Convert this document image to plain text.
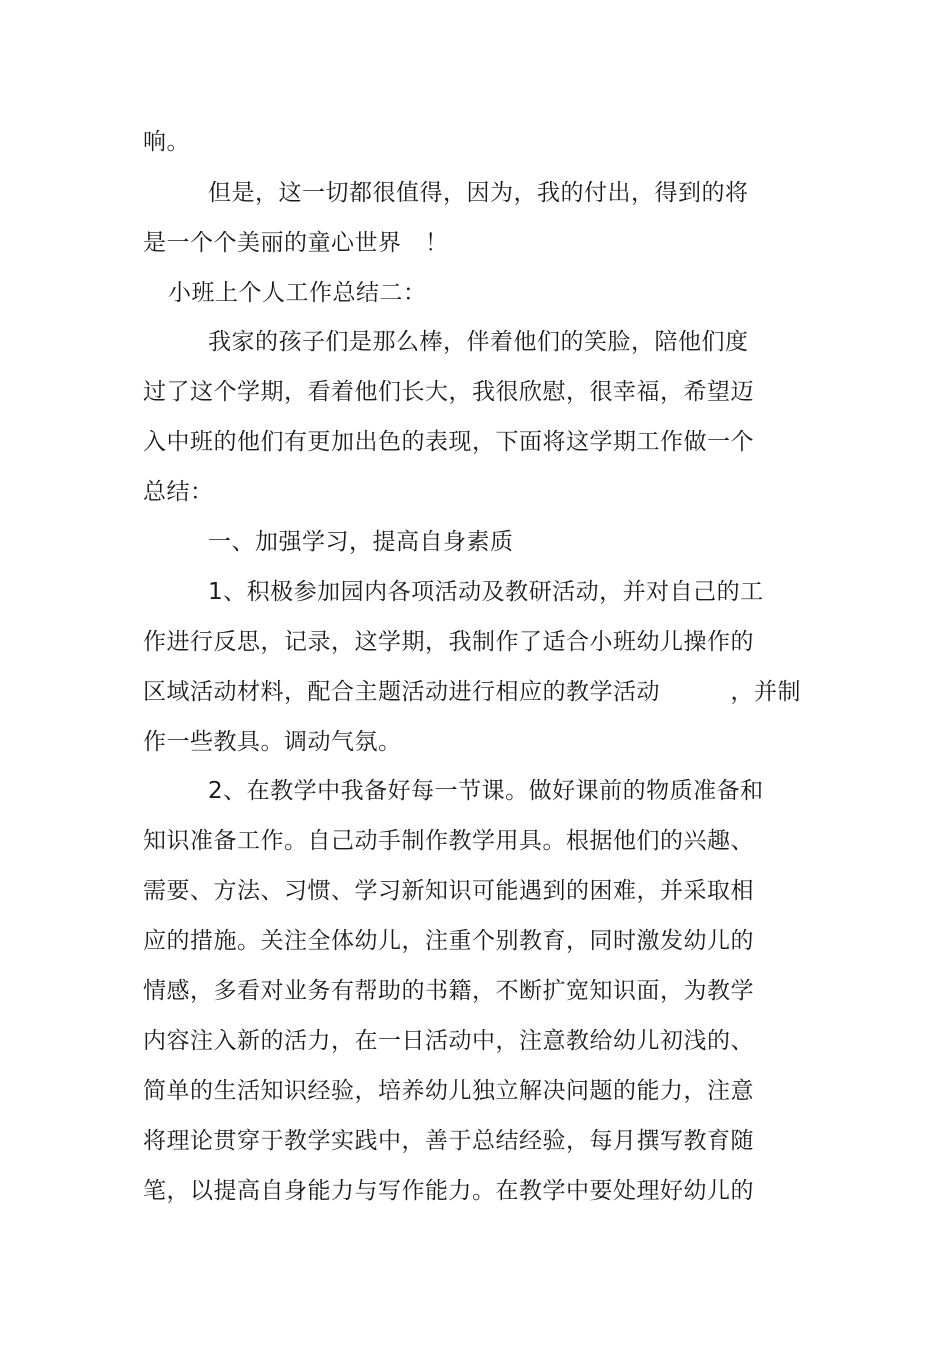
响。
但是，这一切都很值得，因为，我的付出，得到的将
是一个个美丽的童心世界　！
小班上个人工作总结二：
我家的孩子们是那么棒，伴着他们的笑脸，陪他们度
过了这个学期，看着他们长大，我很欣慰，很幸福，希望迈
入中班的他们有更加出色的表现，下面将这学期工作做一个
总结：
一、加强学习，提高自身素质
1、积极参加园内各项活动及教研活动，并对自己的工
作进行反思，记录，这学期，我制作了适合小班幼儿操作的
区域活动材料，配合主题活动进行相应的教学活动　　　，并制
作一些教具。调动气氛。
2、在教学中我备好每一节课。做好课前的物质准备和
知识准备工作。自己动手制作教学用具。根据他们的兴趣、
需要、方法、习惯、学习新知识可能遇到的困难，并采取相
应的措施。关注全体幼儿，注重个别教育，同时激发幼儿的
情感，多看对业务有帮助的书籍，不断扩宽知识面，为教学
内容注入新的活力，在一日活动中，注意教给幼儿初浅的、
简单的生活知识经验，培养幼儿独立解决问题的能力，注意
将理论贯穿于教学实践中，善于总结经验，每月撰写教育随
笔，以提高自身能力与写作能力。在教学中要处理好幼儿的
